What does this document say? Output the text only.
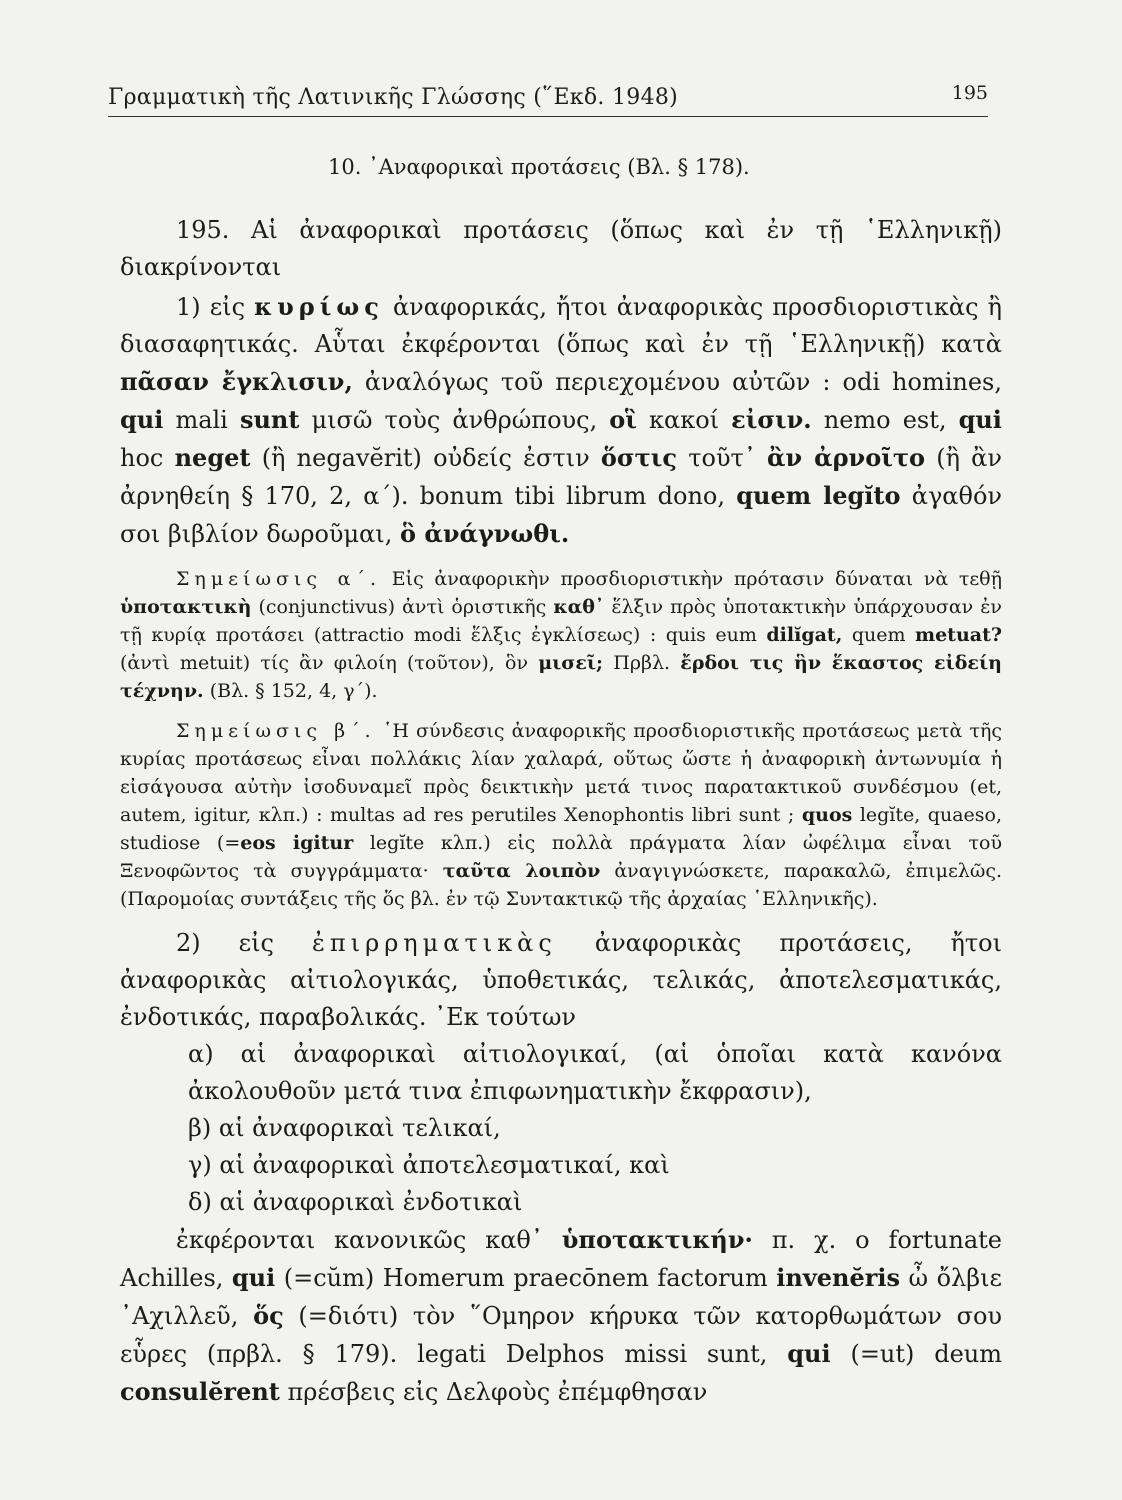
Γραμματικὴ τῆς Λατινικῆς Γλώσσης (῞Εκδ. 1948)	195
10. ᾿Αναφορικαὶ προτάσεις (Βλ. § 178).

195. Αἱ ἀναφορικαὶ προτάσεις (ὅπως καὶ ἐν τῇ ῾Ελληνικῇ) διακρίνονται

1) εἰς κυρίως ἀναφορικάς, ἤτοι ἀναφορικὰς προσδιοριστικὰς ἢ διασαφητικάς. Αὗται ἐκφέρονται (ὅπως καὶ ἐν τῇ ῾Ελληνικῇ) κατὰ πᾶσαν ἔγκλισιν, ἀναλόγως τοῦ περιεχομένου αὐτῶν : odi homines, qui mali sunt μισῶ τοὺς ἀνθρώπους, οἳ κακοί εἰσιν. nemo est, qui hoc neget (ἢ negavĕrit) οὐδείς ἐστιν ὅστις τοῦτ᾿ ἂν ἀρνοῖτο (ἢ ἂν ἀρνηθείη § 170, 2, α΄). bonum tibi librum dono, quem legĭto ἀγαθόν σοι βιβλίον δωροῦμαι, ὃ ἀνάγνωθι.

Σημείωσις α΄. Εἰς ἀναφορικὴν προσδιοριστικὴν πρότασιν δύναται νὰ τεθῇ ὑποτακτικὴ (conjunctivus) ἀντὶ ὁριστικῆς καθ᾿ ἕλξιν πρὸς ὑποτακτικὴν ὑπάρχουσαν ἐν τῇ κυρίᾳ προτάσει (attractio modi ἕλξις ἐγκλίσεως) : quis eum dilĭgat, quem metuat? (ἀντὶ metuit) τίς ἂν φιλοίη (τοῦτον), ὃν μισεῖ; Πρβλ. ἔρδοι τις ἣν ἕκαστος εἰδείη τέχνην. (Βλ. § 152, 4, γ΄).

Σημείωσις β΄. ῾Η σύνδεσις ἀναφορικῆς προσδιοριστικῆς προτάσεως μετὰ τῆς κυρίας προτάσεως εἶναι πολλάκις λίαν χαλαρά, οὕτως ὥστε ἡ ἀναφορικὴ ἀντωνυμία ἡ εἰσάγουσα αὐτὴν ἰσοδυναμεῖ πρὸς δεικτικὴν μετά τινος παρατακτικοῦ συνδέσμου (et, autem, igitur, κλπ.) : multas ad res perutiles Xenophontis libri sunt ; quos legĭte, quaeso, studiose (=eos igitur legĭte κλπ.) εἰς πολλὰ πράγματα λίαν ὠφέλιμα εἶναι τοῦ Ξενοφῶντος τὰ συγγράμματα· ταῦτα λοιπὸν ἀναγιγνώσκετε, παρακαλῶ, ἐπιμελῶς. (Παρομοίας συντάξεις τῆς ὅς βλ. ἐν τῷ Συντακτικῷ τῆς ἀρχαίας ῾Ελληνικῆς).

2) εἰς ἐπιρρηματικὰς ἀναφορικὰς προτάσεις, ἤτοι ἀναφορικὰς αἰτιολογικάς, ὑποθετικάς, τελικάς, ἀποτελεσματικάς, ἐνδοτικάς, παραβολικάς. ᾿Εκ τούτων

α) αἱ ἀναφορικαὶ αἰτιολογικαί, (αἱ ὁποῖαι κατὰ κανόνα ἀκολουθοῦν μετά τινα ἐπιφωνηματικὴν ἔκφρασιν),

β) αἱ ἀναφορικαὶ τελικαί,

γ) αἱ ἀναφορικαὶ ἀποτελεσματικαί, καὶ

δ) αἱ ἀναφορικαὶ ἐνδοτικαὶ

ἐκφέρονται κανονικῶς καθ᾿ ὑποτακτικήν· π. χ. o fortunate Achilles, qui (=cŭm) Homerum praecōnem factorum invenĕris ὦ ὄλβιε ᾿Αχιλλεῦ, ὅς (=διότι) τὸν ῞Ομηρον κήρυκα τῶν κατορθωμάτων σου εὗρες (πρβλ. § 179). legati Delphos missi sunt, qui (=ut) deum consulĕrent πρέσβεις εἰς Δελφοὺς ἐπέμφθησαν
